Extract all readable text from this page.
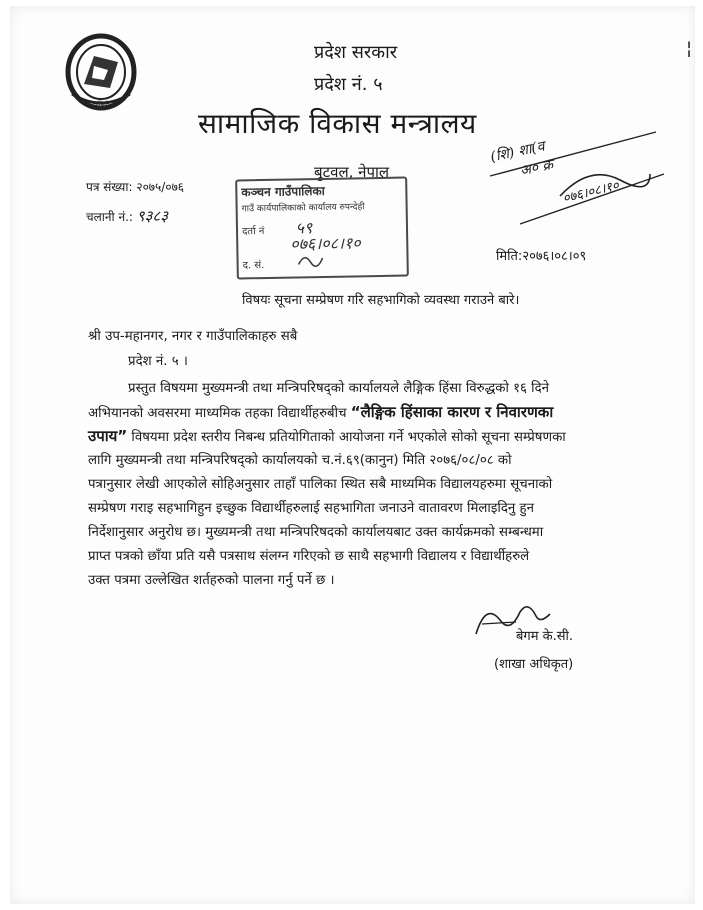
लुम्बिनी
प्रदेश सरकार
प्रदेश नं. ५
सामाजिक विकास मन्त्रालय
बुटवल, नेपाल
पत्र संख्या: २०७५/०७६
चलानी नं.: ९३८३
कञ्चन गाउँपालिका
गाउँ कार्यपालिकाको कार्यालय रुपन्देही
दर्ता नं ५९
०७६।०८।१०
द. सं.
(शि) शा(व
अ० क्र
०७६।०८।१०
मिति:२०७६।०८।०९
विषयः सूचना सम्प्रेषण गरि सहभागिको व्यवस्था गराउने बारे।
श्री उप-महानगर, नगर र गाउँपालिकाहरु सबै
प्रदेश नं. ५ ।
प्रस्तुत विषयमा मुख्यमन्त्री तथा मन्त्रिपरिषद्को कार्यालयले लैङ्गिक हिंसा विरुद्धको १६ दिने
अभियानको अवसरमा माध्यमिक तहका विद्यार्थीहरुबीच “लैङ्गिक हिंसाका कारण र निवारणका
उपाय” विषयमा प्रदेश स्तरीय निबन्ध प्रतियोगिताको आयोजना गर्ने भएकोले सोको सूचना सम्प्रेषणका
लागि मुख्यमन्त्री तथा मन्त्रिपरिषद्को कार्यालयको च.नं.६९(कानुन) मिति २०७६/०८/०८ को
पत्रानुसार लेखी आएकोले सोहिअनुसार ताहाँ पालिका स्थित सबै माध्यमिक विद्यालयहरुमा सूचनाको
सम्प्रेषण गराइ सहभागिहुन इच्छुक विद्यार्थीहरुलाई सहभागिता जनाउने वातावरण मिलाइदिनु हुन
निर्देशानुसार अनुरोध छ। मुख्यमन्त्री तथा मन्त्रिपरिषदको कार्यालयबाट उक्त कार्यक्रमको सम्बन्धमा
प्राप्त पत्रको छाँया प्रति यसै पत्रसाथ संलग्न गरिएको छ साथै सहभागी विद्यालय र विद्यार्थीहरुले
उक्त पत्रमा उल्लेखित शर्तहरुको पालना गर्नु पर्ने छ ।
बेगम के.सी.
(शाखा अधिकृत)
¦
